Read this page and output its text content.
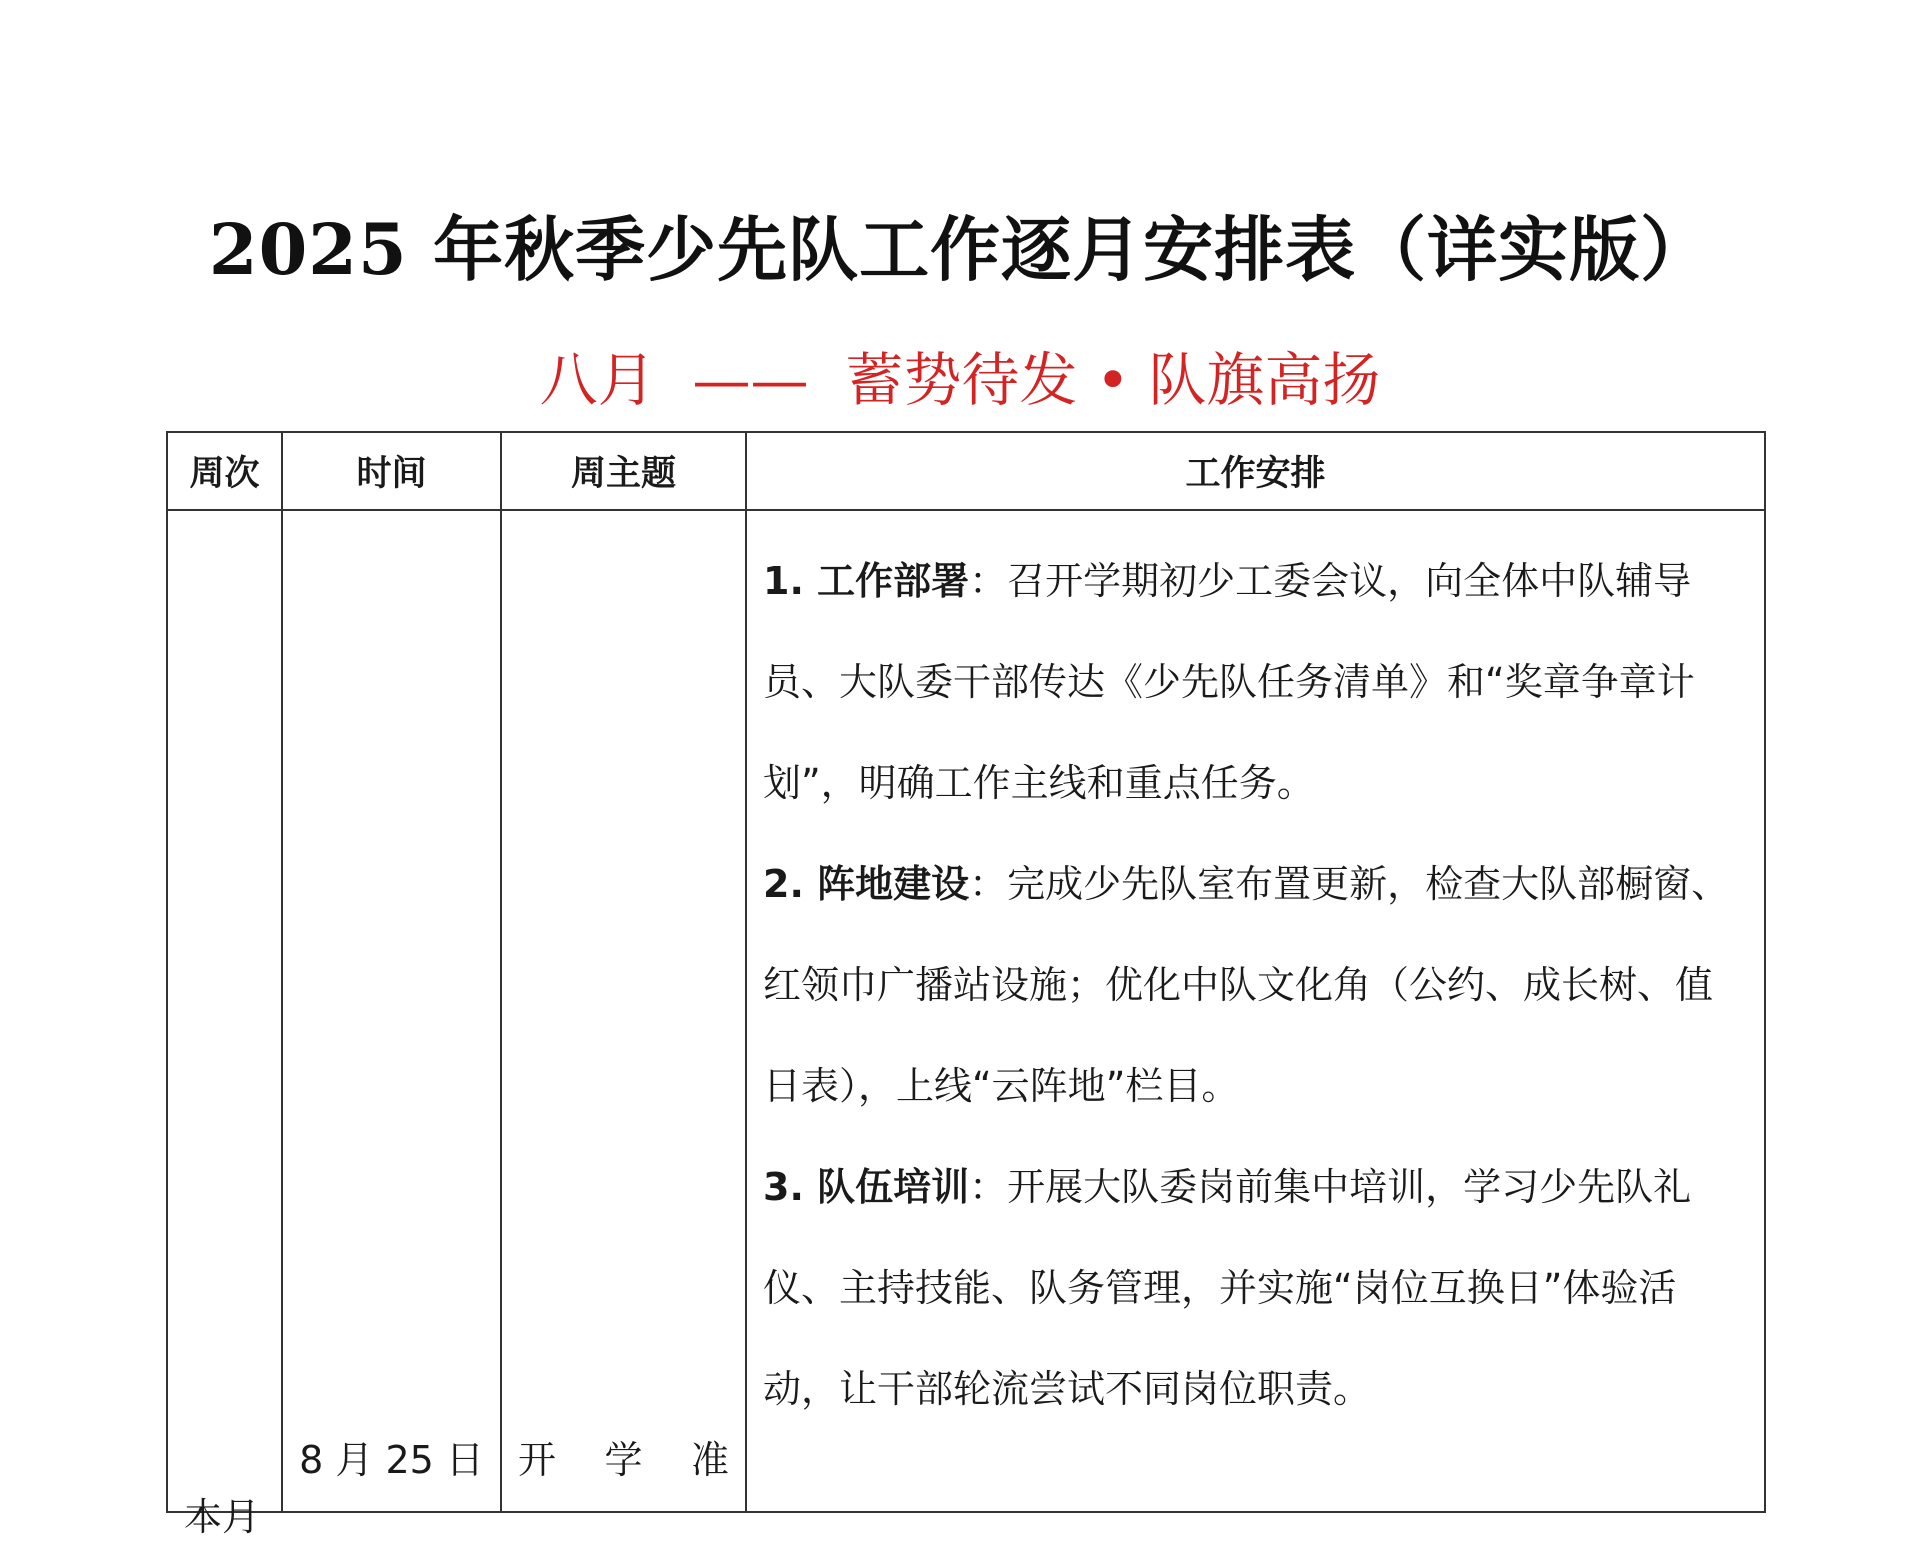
2025 年秋季少先队工作逐月安排表（详实版）
八月 —— 蓄势待发 • 队旗高扬
周次	时间	周主题	工作安排

本月	8 月 25 日	开 学 准	1. 工作部署：召开学期初少工委会议，向全体中队辅导员、大队委干部传达《少先队任务清单》和“奖章争章计划”，明确工作主线和重点任务。

2. 阵地建设：完成少先队室布置更新，检查大队部橱窗、红领巾广播站设施；优化中队文化角（公约、成长树、值日表），上线“云阵地”栏目。

3. 队伍培训：开展大队委岗前集中培训，学习少先队礼仪、主持技能、队务管理，并实施“岗位互换日”体验活动，让干部轮流尝试不同岗位职责。
